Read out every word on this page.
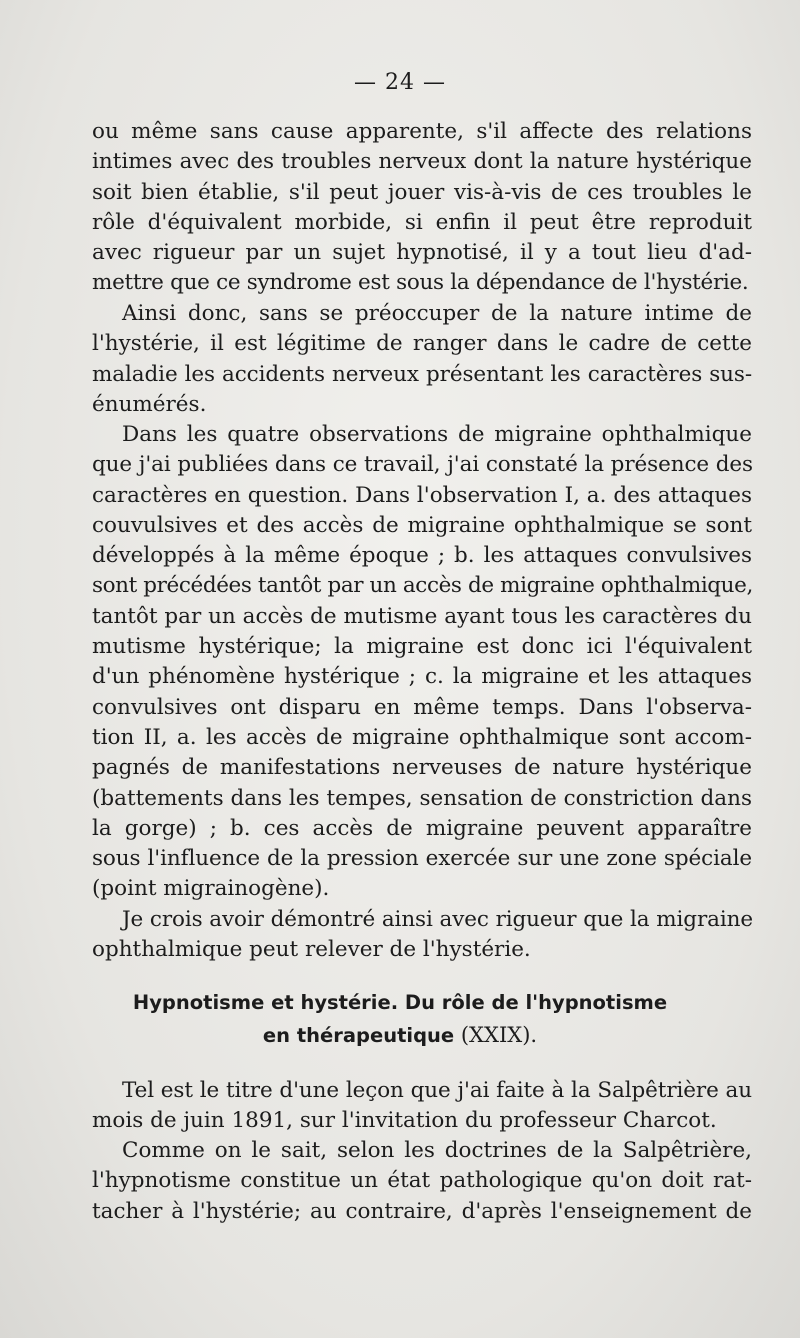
— 24 —

ou même sans cause apparente, s'il affecte des relations
intimes avec des troubles nerveux dont la nature hystérique
soit bien établie, s'il peut jouer vis-à-vis de ces troubles le
rôle d'équivalent morbide, si enfin il peut être reproduit
avec rigueur par un sujet hypnotisé, il y a tout lieu d'ad-
mettre que ce syndrome est sous la dépendance de l'hystérie.

Ainsi donc, sans se préoccuper de la nature intime de
l'hystérie, il est légitime de ranger dans le cadre de cette
maladie les accidents nerveux présentant les caractères sus-
énumérés.

Dans les quatre observations de migraine ophthalmique
que j'ai publiées dans ce travail, j'ai constaté la présence des
caractères en question. Dans l'observation I, a. des attaques
couvulsives et des accès de migraine ophthalmique se sont
développés à la même époque ; b. les attaques convulsives
sont précédées tantôt par un accès de migraine ophthalmique,
tantôt par un accès de mutisme ayant tous les caractères du
mutisme hystérique; la migraine est donc ici l'équivalent
d'un phénomène hystérique ; c. la migraine et les attaques
convulsives ont disparu en même temps. Dans l'observa-
tion II, a. les accès de migraine ophthalmique sont accom-
pagnés de manifestations nerveuses de nature hystérique
(battements dans les tempes, sensation de constriction dans
la gorge) ; b. ces accès de migraine peuvent apparaître
sous l'influence de la pression exercée sur une zone spéciale
(point migrainogène).

Je crois avoir démontré ainsi avec rigueur que la migraine
ophthalmique peut relever de l'hystérie.

Hypnotisme et hystérie. Du rôle de l'hypnotisme
en thérapeutique (XXIX).

Tel est le titre d'une leçon que j'ai faite à la Salpêtrière au
mois de juin 1891, sur l'invitation du professeur Charcot.

Comme on le sait, selon les doctrines de la Salpêtrière,
l'hypnotisme constitue un état pathologique qu'on doit rat-
tacher à l'hystérie; au contraire, d'après l'enseignement de
